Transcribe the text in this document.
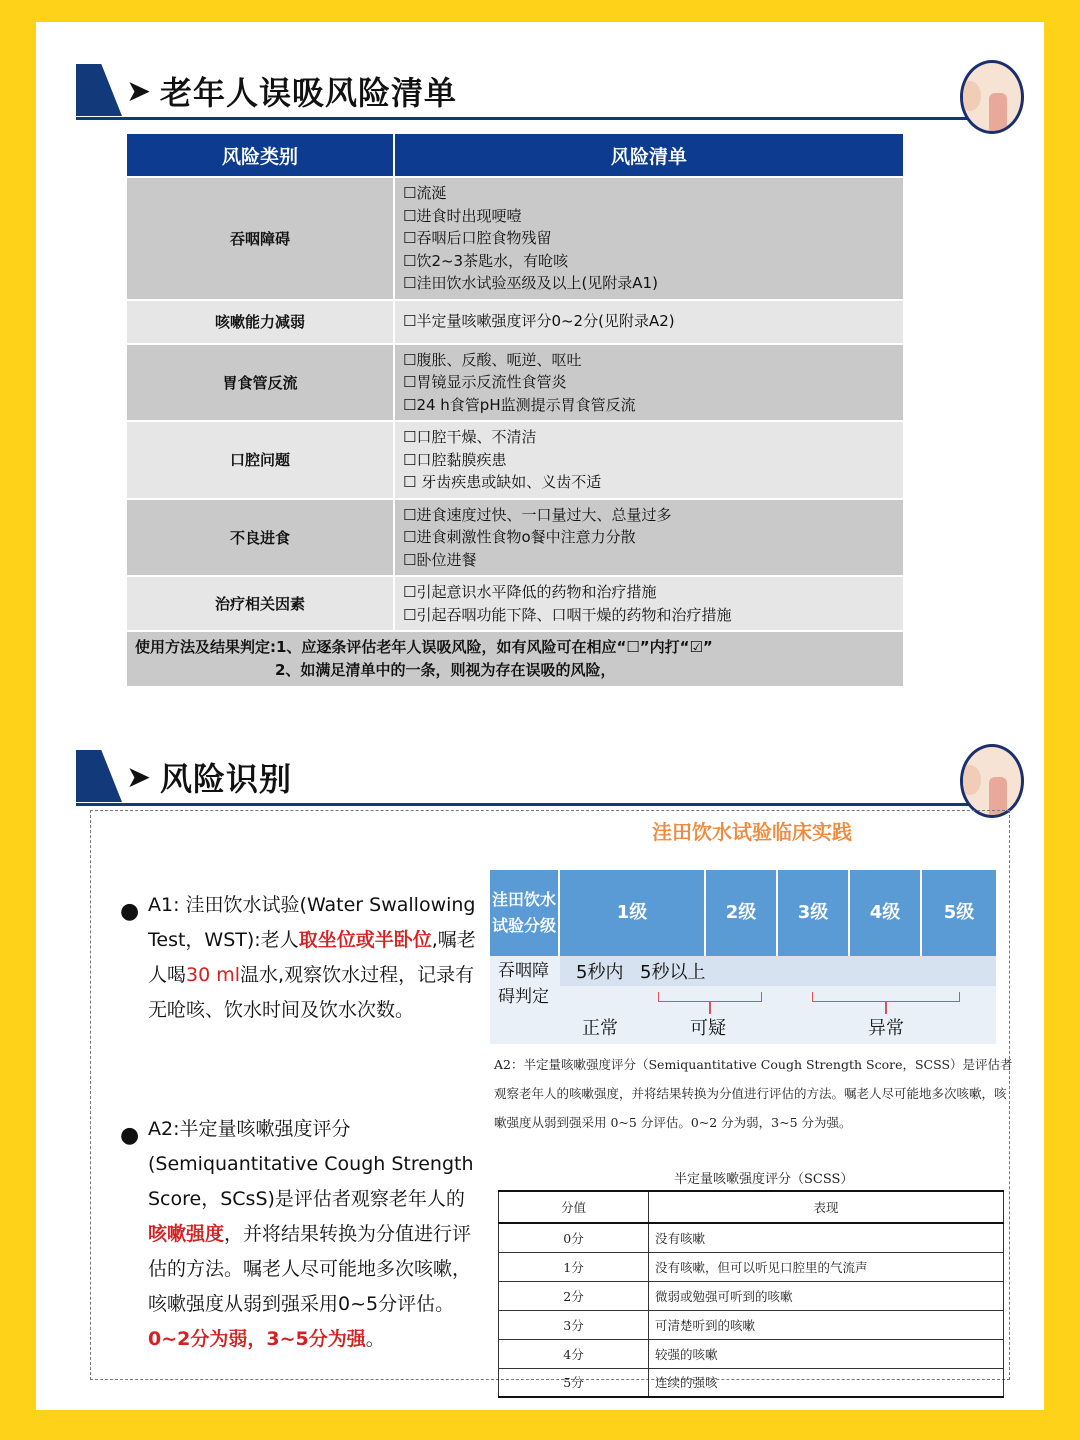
➤ 老年人误吸风险清单
风险类别	风险清单
吞咽障碍	☐流涎
☐进食时出现哽噎
☐吞咽后口腔食物残留
☐饮2~3茶匙水，有呛咳
☐洼田饮水试验巫级及以上(见附录A1)

咳嗽能力减弱	☐半定量咳嗽强度评分0~2分(见附录A2)

胃食管反流	☐腹胀、反酸、呃逆、呕吐
☐胃镜显示反流性食管炎
☐24 h食管pH监测提示胃食管反流

口腔问题	☐口腔干燥、不清洁
☐口腔黏膜疾患
☐ 牙齿疾患或缺如、义齿不适

不良进食	☐进食速度过快、一口量过大、总量过多
☐进食刺激性食物o餐中注意力分散
☐卧位进餐

治疗相关因素	☐引起意识水平降低的药物和治疗措施
☐引起吞咽功能下降、口咽干燥的药物和治疗措施

使用方法及结果判定:1、应逐条评估老年人误吸风险，如有风险可在相应“☐”内打“☑”
2、如满足清单中的一条，则视为存在误吸的风险，	
➤ 风险识别
洼田饮水试验临床实践
● A1: 洼田饮水试验(Water Swallowing Test，WST):老人取坐位或半卧位,嘱老人喝30 ml温水,观察饮水过程，记录有无呛咳、饮水时间及饮水次数。
● A2:半定量咳嗽强度评分(Semiquantitative Cough Strength Score，SCsS)是评估者观察老年人的咳嗽强度，并将结果转换为分值进行评估的方法。嘱老人尽可能地多次咳嗽，咳嗽强度从弱到强采用0~5分评估。0~2分为弱，3~5分为强。
洼田饮水试验分级
1级	2级	3级	4级	5级
吞咽障碍判定
5秒内 5秒以上
正常	可疑	异常
A2：半定量咳嗽强度评分（Semiquantitative Cough Strength Score，SCSS）是评估者观察老年人的咳嗽强度，并将结果转换为分值进行评估的方法。嘱老人尽可能地多次咳嗽，咳嗽强度从弱到强采用 0~5 分评估。0~2 分为弱，3~5 分为强。
半定量咳嗽强度评分（SCSS）
分值	表现
0分	没有咳嗽
1分	没有咳嗽，但可以听见口腔里的气流声
2分	微弱或勉强可听到的咳嗽
3分	可清楚听到的咳嗽
4分	较强的咳嗽
5分	连续的强咳
